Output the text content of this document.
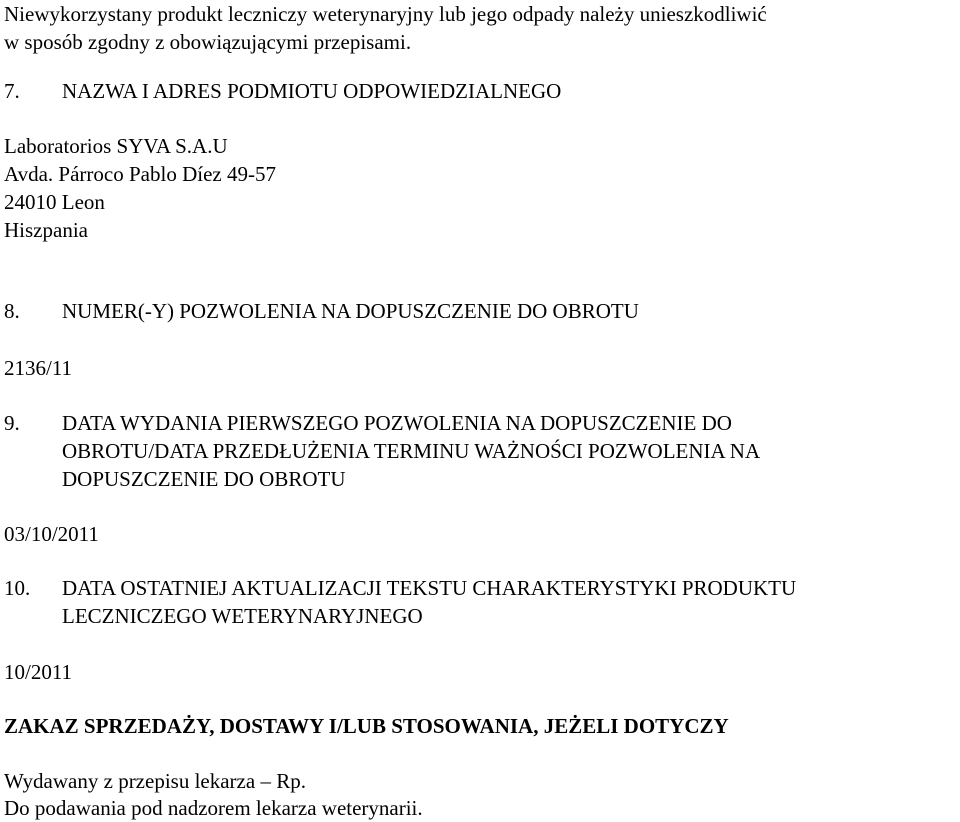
Niewykorzystany produkt leczniczy weterynaryjny lub jego odpady należy unieszkodliwić
w sposób zgodny z obowiązującymi przepisami.
7. NAZWA I ADRES PODMIOTU ODPOWIEDZIALNEGO
Laboratorios SYVA S.A.U
Avda. Párroco Pablo Díez 49-57
24010 Leon
Hiszpania
8. NUMER(-Y) POZWOLENIA NA DOPUSZCZENIE DO OBROTU
2136/11
9. DATA WYDANIA PIERWSZEGO POZWOLENIA NA DOPUSZCZENIE DO
OBROTU/DATA PRZEDŁUŻENIA TERMINU WAŻNOŚCI POZWOLENIA NA
DOPUSZCZENIE DO OBROTU
03/10/2011
10. DATA OSTATNIEJ AKTUALIZACJI TEKSTU CHARAKTERYSTYKI PRODUKTU
LECZNICZEGO WETERYNARYJNEGO
10/2011
ZAKAZ SPRZEDAŻY, DOSTAWY I/LUB STOSOWANIA, JEŻELI DOTYCZY
Wydawany z przepisu lekarza – Rp.
Do podawania pod nadzorem lekarza weterynarii.
